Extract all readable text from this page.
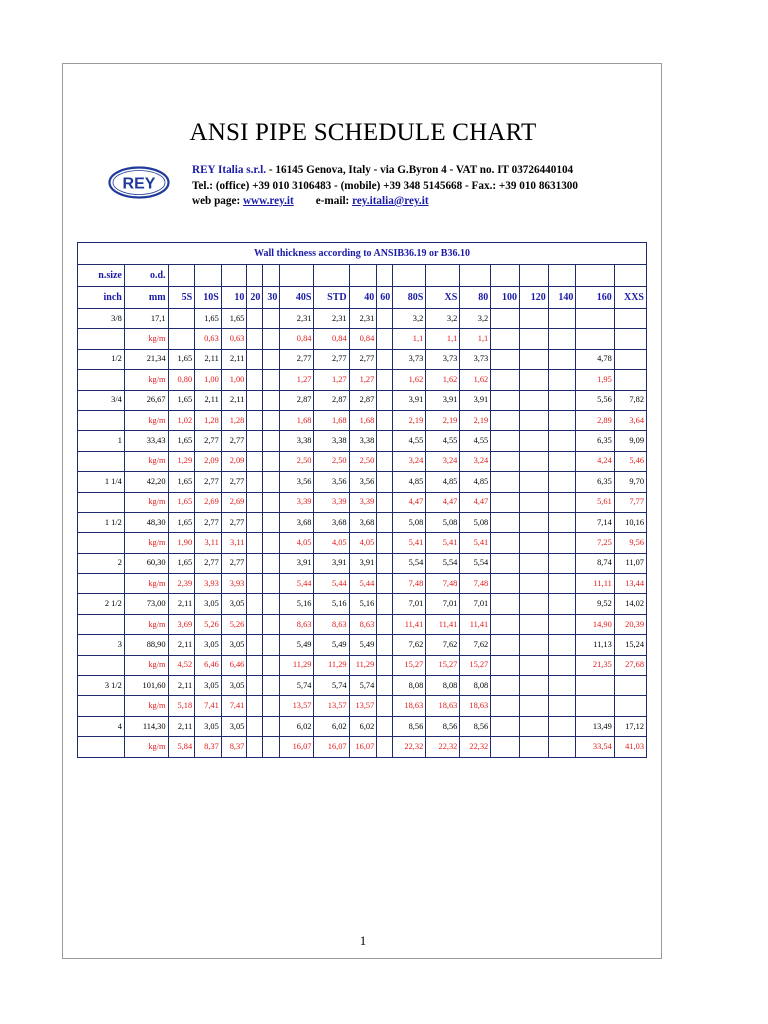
ANSI PIPE SCHEDULE CHART
REY
REY Italia s.r.l. - 16145 Genova, Italy - via G.Byron 4 - VAT no. IT 03726440104
Tel.: (office) +39 010 3106483 - (mobile) +39 348 5145668 - Fax.: +39 010 8631300
web page: www.rey.it e-mail: rey.italia@rey.it
Wall thickness according to ANSIB36.19 or B36.10																		
n.size	o.d.																	
inch	mm	5S	10S	10	20	30	40S	STD	40	60	80S	XS	80	100	120	140	160	XXS
3/8	17,1		1,65	1,65			2,31	2,31	2,31		3,2	3,2	3,2					
	kg/m		0,63	0,63			0,84	0,84	0,84		1,1	1,1	1,1					
1/2	21,34	1,65	2,11	2,11			2,77	2,77	2,77		3,73	3,73	3,73				4,78	
	kg/m	0,80	1,00	1,00			1,27	1,27	1,27		1,62	1,62	1,62				1,95	
3/4	26,67	1,65	2,11	2,11			2,87	2,87	2,87		3,91	3,91	3,91				5,56	7,82
	kg/m	1,02	1,28	1,28			1,68	1,68	1,68		2,19	2,19	2,19				2,89	3,64
1	33,43	1,65	2,77	2,77			3,38	3,38	3,38		4,55	4,55	4,55				6,35	9,09
	kg/m	1,29	2,09	2,09			2,50	2,50	2,50		3,24	3,24	3,24				4,24	5,46
1 1/4	42,20	1,65	2,77	2,77			3,56	3,56	3,56		4,85	4,85	4,85				6,35	9,70
	kg/m	1,65	2,69	2,69			3,39	3,39	3,39		4,47	4,47	4,47				5,61	7,77
1 1/2	48,30	1,65	2,77	2,77			3,68	3,68	3,68		5,08	5,08	5,08				7,14	10,16
	kg/m	1,90	3,11	3,11			4,05	4,05	4,05		5,41	5,41	5,41				7,25	9,56
2	60,30	1,65	2,77	2,77			3,91	3,91	3,91		5,54	5,54	5,54				8,74	11,07
	kg/m	2,39	3,93	3,93			5,44	5,44	5,44		7,48	7,48	7,48				11,11	13,44
2 1/2	73,00	2,11	3,05	3,05			5,16	5,16	5,16		7,01	7,01	7,01				9,52	14,02
	kg/m	3,69	5,26	5,26			8,63	8,63	8,63		11,41	11,41	11,41				14,90	20,39
3	88,90	2,11	3,05	3,05			5,49	5,49	5,49		7,62	7,62	7,62				11,13	15,24
	kg/m	4,52	6,46	6,46			11,29	11,29	11,29		15,27	15,27	15,27				21,35	27,68
3 1/2	101,60	2,11	3,05	3,05			5,74	5,74	5,74		8,08	8,08	8,08					
	kg/m	5,18	7,41	7,41			13,57	13,57	13,57		18,63	18,63	18,63					
4	114,30	2,11	3,05	3,05			6,02	6,02	6,02		8,56	8,56	8,56				13,49	17,12
	kg/m	5,84	8,37	8,37			16,07	16,07	16,07		22,32	22,32	22,32				33,54	41,03
1
